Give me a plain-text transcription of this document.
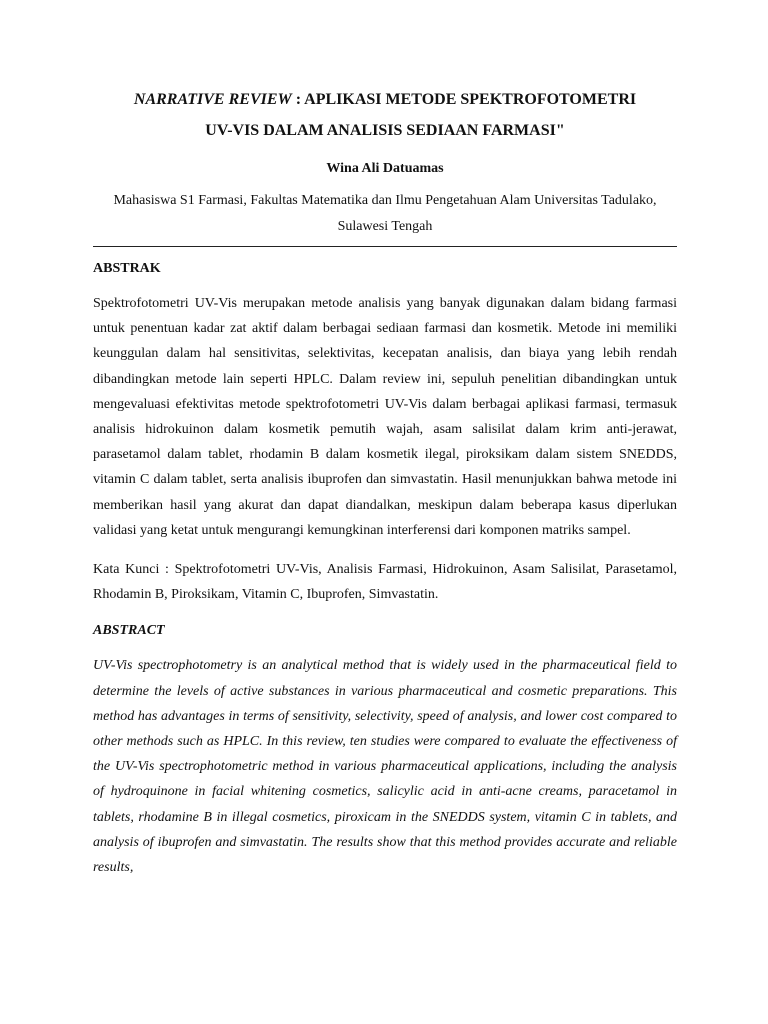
NARRATIVE REVIEW : APLIKASI METODE SPEKTROFOTOMETRI
UV-VIS DALAM ANALISIS SEDIAAN FARMASI"
Wina Ali Datuamas
Mahasiswa S1 Farmasi, Fakultas Matematika dan Ilmu Pengetahuan Alam Universitas Tadulako, Sulawesi Tengah
ABSTRAK

Spektrofotometri UV-Vis merupakan metode analisis yang banyak digunakan dalam bidang farmasi untuk penentuan kadar zat aktif dalam berbagai sediaan farmasi dan kosmetik. Metode ini memiliki keunggulan dalam hal sensitivitas, selektivitas, kecepatan analisis, dan biaya yang lebih rendah dibandingkan metode lain seperti HPLC. Dalam review ini, sepuluh penelitian dibandingkan untuk mengevaluasi efektivitas metode spektrofotometri UV-Vis dalam berbagai aplikasi farmasi, termasuk analisis hidrokuinon dalam kosmetik pemutih wajah, asam salisilat dalam krim anti-jerawat, parasetamol dalam tablet, rhodamin B dalam kosmetik ilegal, piroksikam dalam sistem SNEDDS, vitamin C dalam tablet, serta analisis ibuprofen dan simvastatin. Hasil menunjukkan bahwa metode ini memberikan hasil yang akurat dan dapat diandalkan, meskipun dalam beberapa kasus diperlukan validasi yang ketat untuk mengurangi kemungkinan interferensi dari komponen matriks sampel.

Kata Kunci : Spektrofotometri UV-Vis, Analisis Farmasi, Hidrokuinon, Asam Salisilat, Parasetamol, Rhodamin B, Piroksikam, Vitamin C, Ibuprofen, Simvastatin.

ABSTRACT

UV-Vis spectrophotometry is an analytical method that is widely used in the pharmaceutical field to determine the levels of active substances in various pharmaceutical and cosmetic preparations. This method has advantages in terms of sensitivity, selectivity, speed of analysis, and lower cost compared to other methods such as HPLC. In this review, ten studies were compared to evaluate the effectiveness of the UV-Vis spectrophotometric method in various pharmaceutical applications, including the analysis of hydroquinone in facial whitening cosmetics, salicylic acid in anti-acne creams, paracetamol in tablets, rhodamine B in illegal cosmetics, piroxicam in the SNEDDS system, vitamin C in tablets, and analysis of ibuprofen and simvastatin. The results show that this method provides accurate and reliable results,
